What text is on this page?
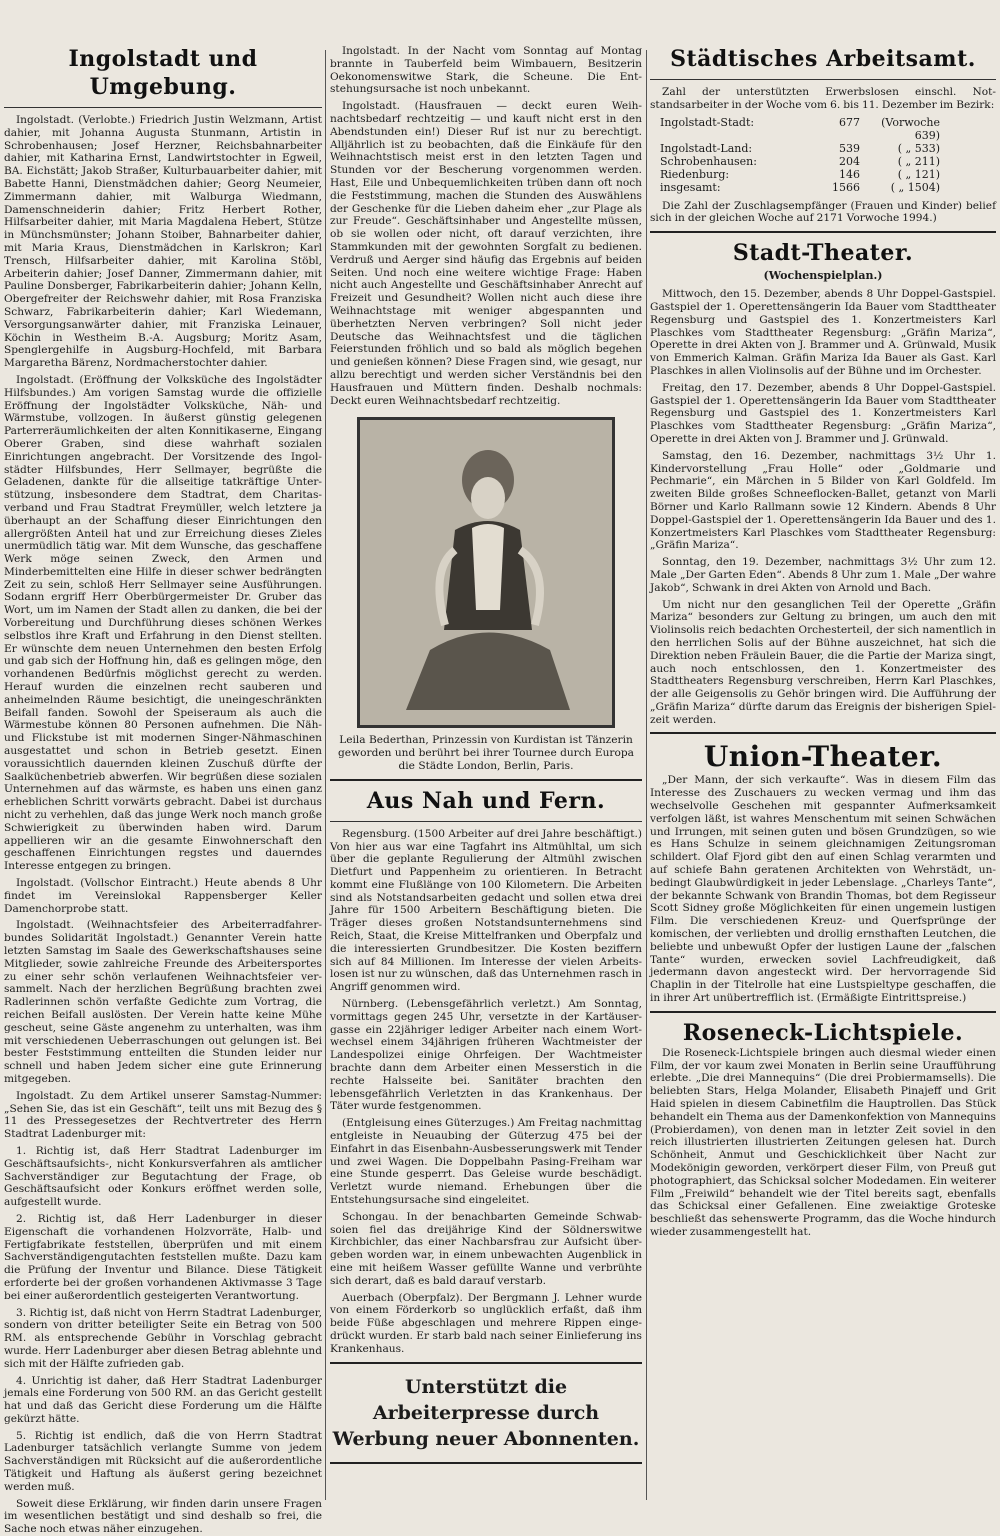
Ingolstadt und Umgebung.

Ingolstadt. (Verlobte.) Friedrich Justin Welzmann, Artist dahier, mit Johanna Augusta Stunmann, Artistin in Schrobenhausen; Josef Herzner, Reichsbahnarbeiter dahier, mit Katharina Ernst, Landwirtstochter in Egweil, BA. Eichstätt; Jakob Straßer, Kulturbauarbeiter dahier, mit Babette Hanni, Dienstmädchen dahier; Georg Neumeier, Zimmermann dahier, mit Walburga Wiedmann, Damenschneiderin dahier; Fritz Herbert Rother, Hilfsarbeiter dahier, mit Maria Magdalena Hebert, Stütze in Münchsmünster; Johann Stoiber, Bahnarbeiter dahier, mit Maria Kraus, Dienstmädchen in Karlskron; Karl Trensch, Hilfsarbeiter dahier, mit Karolina Stöbl, Arbeiterin dahier; Josef Danner, Zimmermann dahier, mit Pauline Donsberger, Fabrikarbeiterin dahier; Johann Kelln, Obergefreiter der Reichswehr dahier, mit Rosa Franziska Schwarz, Fabrikarbeiterin dahier; Karl Wiedemann, Versorgungsanwärter dahier, mit Franziska Leinauer, Köchin in Westheim B.-A. Augsburg; Moritz Asam, Spenglergehilfe in Augsburg-Hochfeld, mit Barbara Margaretha Bärenz, Nordmacherstochter dahier.

Ingolstadt. (Eröffnung der Volksküche des Ingolstädter Hilfsbundes.) Am vorigen Samstag wurde die offizielle Eröffnung der Ingolstädter Volksküche, Näh- und Wärmstube, vollzogen. In äußerst günstig gelegenen Parterreräumlichkeiten der alten Konnitikaserne, Eingang Oberer Graben, sind diese wahrhaft sozialen Einrichtungen angebracht. Der Vorsitzende des Ingolstädter Hilfsbundes, Herr Sellmayer, begrüßte die Geladenen, dankte für die allseitige tatkräftige Unterstützung, insbesondere dem Stadtrat, dem Charitasverband und Frau Stadtrat Freymüller, welch letztere ja überhaupt an der Schaffung dieser Einrichtungen den allergrößten Anteil hat und zur Erreichung dieses Zieles unermüdlich tätig war. Mit dem Wunsche, das geschaffene Werk möge seinen Zweck, den Armen und Minderbemittelten eine Hilfe in dieser schwer bedrängten Zeit zu sein, schloß Herr Sellmayer seine Ausführungen. Sodann ergriff Herr Oberbürgermeister Dr. Gruber das Wort, um im Namen der Stadt allen zu danken, die bei der Vorbereitung und Durchführung dieses schönen Werkes selbstlos ihre Kraft und Erfahrung in den Dienst stellten. Er wünschte dem neuen Unternehmen den besten Erfolg und gab sich der Hoffnung hin, daß es gelingen möge, den vorhandenen Bedürfnis möglichst gerecht zu werden. Herauf wurden die einzelnen recht sauberen und anheimelnden Räume besichtigt, die uneingeschränkten Beifall fanden. Sowohl der Speiseraum als auch die Wärmestube können 80 Personen aufnehmen. Die Näh- und Flickstube ist mit modernen Singer-Nähmaschinen ausgestattet und schon in Betrieb gesetzt. Einen voraussichtlich dauernden kleinen Zuschuß dürfte der Saalküchenbetrieb abwerfen. Wir begrüßen diese sozialen Unternehmen auf das wärmste, es haben uns einen ganz erheblichen Schritt vorwärts gebracht. Dabei ist durchaus nicht zu verhehlen, daß das junge Werk noch manch große Schwierigkeit zu überwinden haben wird. Darum appellieren wir an die gesamte Einwohnerschaft den geschaffenen Einrichtungen regstes und dauerndes Interesse entgegen zu bringen.

Ingolstadt. (Vollschor Eintracht.) Heute abends 8 Uhr findet im Vereinslokal Rappensberger Keller Damenchorprobe statt.

Ingolstadt. (Weihnachtsfeier des Arbeiterradfahrerbundes Solidarität Ingolstadt.) Genannter Verein hatte letzten Samstag im Saale des Gewerkschaftshauses seine Mitglieder, sowie zahlreiche Freunde des Arbeitersportes zu einer sehr schön verlaufenen Weihnachtsfeier versammelt. Nach der herzlichen Begrüßung brachten zwei Radlerinnen schön verfaßte Gedichte zum Vortrag, die reichen Beifall auslösten. Der Verein hatte keine Mühe gescheut, seine Gäste angenehm zu unterhalten, was ihm mit verschiedenen Ueberraschungen out gelungen ist. Bei bester Feststimmung entteilten die Stunden leider nur schnell und haben Jedem sicher eine gute Erinnerung mitgegeben.

Ingolstadt. Zu dem Artikel unserer Samstag-Nummer: „Sehen Sie, das ist ein Geschäft“, teilt uns mit Bezug des § 11 des Pressegesetzes der Rechtvertreter des Herrn Stadtrat Ladenburger mit:

1. Richtig ist, daß Herr Stadtrat Ladenburger im Geschäftsaufsichts-, nicht Konkursverfahren als amtlicher Sachverständiger zur Begutachtung der Frage, ob Geschäftsaufsicht oder Konkurs eröffnet werden solle, aufgestellt wurde.

2. Richtig ist, daß Herr Ladenburger in dieser Eigenschaft die vorhandenen Holzvorräte, Halb- und Fertigfabrikate feststellen, überprüfen und mit einem Sachverständigengutachten feststellen mußte. Dazu kam die Prüfung der Inventur und Bilance. Diese Tätigkeit erforderte bei der großen vorhandenen Aktivmasse 3 Tage bei einer außerordentlich gesteigerten Verantwortung.

3. Richtig ist, daß nicht von Herrn Stadtrat Ladenburger, sondern von dritter beteiligter Seite ein Betrag von 500 RM. als entsprechende Gebühr in Vorschlag gebracht wurde. Herr Ladenburger aber diesen Betrag ablehnte und sich mit der Hälfte zufrieden gab.

4. Unrichtig ist daher, daß Herr Stadtrat Ladenburger jemals eine Forderung von 500 RM. an das Gericht gestellt hat und daß das Gericht diese Forderung um die Hälfte gekürzt hätte.

5. Richtig ist endlich, daß die von Herrn Stadtrat Ladenburger tatsächlich verlangte Summe von jedem Sachverständigen mit Rücksicht auf die außerordentliche Tätigkeit und Haftung als äußerst gering bezeichnet werden muß.

Soweit diese Erklärung, wir finden darin unsere Fragen im wesentlichen bestätigt und sind deshalb so frei, die Sache noch etwas näher einzugehen.

Ingolstadt. In der Nacht vom Sonntag auf Montag brannte in Tauberfeld beim Wimbauern, Besitzerin Oekonomenswitwe Stark, die Scheune. Die Entstehungsursache ist noch unbekannt.

Ingolstadt. (Hausfrauen — deckt euren Weihnachtsbedarf rechtzeitig — und kauft nicht erst in den Abendstunden ein!) Dieser Ruf ist nur zu berechtigt. Alljährlich ist zu beobachten, daß die Einkäufe für den Weihnachtstisch meist erst in den letzten Tagen und Stunden vor der Bescherung vorgenommen werden. Hast, Eile und Unbequemlichkeiten trüben dann oft noch die Feststimmung, machen die Stunden des Auswählens der Geschenke für die Lieben daheim eher „zur Plage als zur Freude“. Geschäftsinhaber und Angestellte müssen, ob sie wollen oder nicht, oft darauf verzichten, ihre Stammkunden mit der gewohnten Sorgfalt zu bedienen. Verdruß und Aerger sind häufig das Ergebnis auf beiden Seiten. Und noch eine weitere wichtige Frage: Haben nicht auch Angestellte und Geschäftsinhaber Anrecht auf Freizeit und Gesundheit? Wollen nicht auch diese ihre Weihnachtstage mit weniger abgespannten und überhetzten Nerven verbringen? Soll nicht jeder Deutsche das Weihnachtsfest und die täglichen Feierstunden fröhlich und so bald als möglich begehen und genießen können? Diese Fragen sind, wie gesagt, nur allzu berechtigt und werden sicher Verständnis bei den Hausfrauen und Müttern finden. Deshalb nochmals: Deckt euren Weihnachtsbedarf rechtzeitig.

Leila Bederthan, Prinzessin von Kurdistan ist Tänzerin geworden und berührt bei ihrer Tournee durch Europa die Städte London, Berlin, Paris.

Aus Nah und Fern.

Regensburg. (1500 Arbeiter auf drei Jahre beschäftigt.) Von hier aus war eine Tagfahrt ins Altmühltal, um sich über die geplante Regulierung der Altmühl zwischen Dietfurt und Pappenheim zu orientieren. In Betracht kommt eine Flußlänge von 100 Kilometern. Die Arbeiten sind als Notstandsarbeiten gedacht und sollen etwa drei Jahre für 1500 Arbeitern Beschäftigung bieten. Die Träger dieses großen Notstandsunternehmens sind Reich, Staat, die Kreise Mittelfranken und Oberpfalz und die interessierten Grundbesitzer. Die Kosten beziffern sich auf 84 Millionen. Im Interesse der vielen Arbeitslosen ist nur zu wünschen, daß das Unternehmen rasch in Angriff genommen wird.

Nürnberg. (Lebensgefährlich verletzt.) Am Sonntag, vormittags gegen 245 Uhr, versetzte in der Kartäusergasse ein 22jähriger lediger Arbeiter nach einem Wortwechsel einem 34jährigen früheren Wachtmeister der Landespolizei einige Ohrfeigen. Der Wachtmeister brachte dann dem Arbeiter einen Messerstich in die rechte Halsseite bei. Sanitäter brachten den lebensgefährlich Verletzten in das Krankenhaus. Der Täter wurde festgenommen.

(Entgleisung eines Güterzuges.) Am Freitag nachmittag entgleiste in Neuaubing der Güterzug 475 bei der Einfahrt in das Eisenbahn-Ausbesserungswerk mit Tender und zwei Wagen. Die Doppelbahn Pasing-Freiham war eine Stunde gesperrt. Das Geleise wurde beschädigt. Verletzt wurde niemand. Erhebungen über die Entstehungsursache sind eingeleitet.

Schongau. In der benachbarten Gemeinde Schwabsoien fiel das dreijährige Kind der Söldnerswitwe Kirchbichler, das einer Nachbarsfrau zur Aufsicht übergeben worden war, in einem unbewachten Augenblick in eine mit heißem Wasser gefüllte Wanne und verbrühte sich derart, daß es bald darauf verstarb.

Auerbach (Oberpfalz). Der Bergmann J. Lehner wurde von einem Förderkorb so unglücklich erfaßt, daß ihm beide Füße abgeschlagen und mehrere Rippen eingedrückt wurden. Er starb bald nach seiner Einlieferung ins Krankenhaus.

Unterstützt die Arbeiterpresse durch Werbung neuer Abonnenten.
Städtisches Arbeitsamt.

Zahl der unterstützten Erwerbslosen einschl. Notstandsarbeiter in der Woche vom 6. bis 11. Dezember im Bezirk:

Ingolstadt-Stadt:	677	(Vorwoche 639)
Ingolstadt-Land:	539	( „ 533)
Schrobenhausen:	204	( „ 211)
Riedenburg:	146	( „ 121)
insgesamt:	1566	( „ 1504)

Die Zahl der Zuschlagsempfänger (Frauen und Kinder) belief sich in der gleichen Woche auf 2171 Vorwoche 1994.)

Stadt-Theater.
(Wochenspielplan.)

Mittwoch, den 15. Dezember, abends 8 Uhr Doppel-Gastspiel. Gastspiel der 1. Operettensängerin Ida Bauer vom Stadttheater Regensburg und Gastspiel des 1. Konzertmeisters Karl Plaschkes vom Stadttheater Regensburg: „Gräfin Mariza“, Operette in drei Akten von J. Brammer und A. Grünwald, Musik von Emmerich Kalman. Gräfin Mariza Ida Bauer als Gast. Karl Plaschkes in allen Violinsolis auf der Bühne und im Orchester.

Freitag, den 17. Dezember, abends 8 Uhr Doppel-Gastspiel. Gastspiel der 1. Operettensängerin Ida Bauer vom Stadttheater Regensburg und Gastspiel des 1. Konzertmeisters Karl Plaschkes vom Stadttheater Regensburg: „Gräfin Mariza“, Operette in drei Akten von J. Brammer und J. Grünwald.

Samstag, den 16. Dezember, nachmittags 3½ Uhr 1. Kindervorstellung „Frau Holle“ oder „Goldmarie und Pechmarie“, ein Märchen in 5 Bilder von Karl Goldfeld. Im zweiten Bilde großes Schneeflocken-Ballet, getanzt von Marli Börner und Karlo Rallmann sowie 12 Kindern. Abends 8 Uhr Doppel-Gastspiel der 1. Operettensängerin Ida Bauer und des 1. Konzertmeisters Karl Plaschkes vom Stadttheater Regensburg: „Gräfin Mariza“.

Sonntag, den 19. Dezember, nachmittags 3½ Uhr zum 12. Male „Der Garten Eden“. Abends 8 Uhr zum 1. Male „Der wahre Jakob“, Schwank in drei Akten von Arnold und Bach.

Um nicht nur den gesanglichen Teil der Operette „Gräfin Mariza“ besonders zur Geltung zu bringen, um auch den mit Violinsolis reich bedachten Orchesterteil, der sich namentlich in den herrlichen Solis auf der Bühne auszeichnet, hat sich die Direktion neben Fräulein Bauer, die die Partie der Mariza singt, auch noch entschlossen, den 1. Konzertmeister des Stadttheaters Regensburg verschreiben, Herrn Karl Plaschkes, der alle Geigensolis zu Gehör bringen wird. Die Aufführung der „Gräfin Mariza“ dürfte darum das Ereignis der bisherigen Spielzeit werden.

Union-Theater.

„Der Mann, der sich verkaufte“. Was in diesem Film das Interesse des Zuschauers zu wecken vermag und ihm das wechselvolle Geschehen mit gespannter Aufmerksamkeit verfolgen läßt, ist wahres Menschentum mit seinen Schwächen und Irrungen, mit seinen guten und bösen Grundzügen, so wie es Hans Schulze in seinem gleichnamigen Zeitungsroman schildert. Olaf Fjord gibt den auf einen Schlag verarmten und auf schiefe Bahn geratenen Architekten von Wehrstädt, unbedingt Glaubwürdigkeit in jeder Lebenslage. „Charleys Tante“, der bekannte Schwank von Brandin Thomas, bot dem Regisseur Scott Sidney große Möglichkeiten für einen ungemein lustigen Film. Die verschiedenen Kreuz- und Querfsprünge der komischen, der verliebten und drollig ernsthaften Leutchen, die beliebte und unbewußt Opfer der lustigen Laune der „falschen Tante“ wurden, erwecken soviel Lachfreudigkeit, daß jedermann davon angesteckt wird. Der hervorragende Sid Chaplin in der Titelrolle hat eine Lustspieltype geschaffen, die in ihrer Art unübertrefflich ist. (Ermäßigte Eintrittspreise.)

Roseneck-Lichtspiele.

Die Roseneck-Lichtspiele bringen auch diesmal wieder einen Film, der vor kaum zwei Monaten in Berlin seine Uraufführung erlebte. „Die drei Mannequins“ (Die drei Probiermamsells). Die beliebten Stars, Helga Molander, Elisabeth Pinajeff und Grit Haid spielen in diesem Cabinetfilm die Hauptrollen. Das Stück behandelt ein Thema aus der Damenkonfektion von Mannequins (Probierdamen), von denen man in letzter Zeit soviel in den reich illustrierten illustrierten Zeitungen gelesen hat. Durch Schönheit, Anmut und Geschicklichkeit über Nacht zur Modekönigin geworden, verkörpert dieser Film, von Preuß gut photographiert, das Schicksal solcher Modedamen. Ein weiterer Film „Freiwild“ behandelt wie der Titel bereits sagt, ebenfalls das Schicksal einer Gefallenen. Eine zweiaktige Groteske beschließt das sehenswerte Programm, das die Woche hindurch wieder zusammengestellt hat.
